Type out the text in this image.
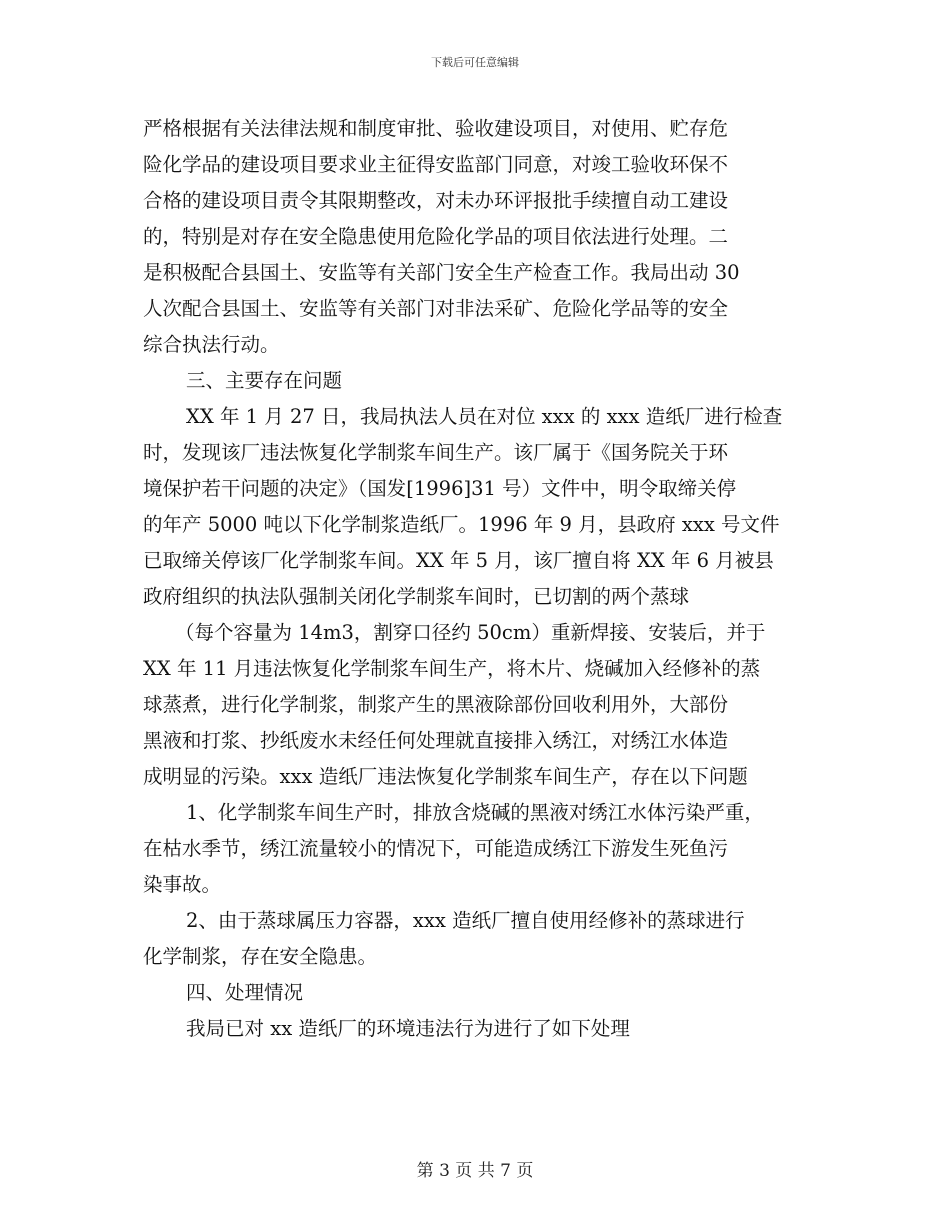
下载后可任意编辑
严格根据有关法律法规和制度审批、验收建设项目，对使用、贮存危
险化学品的建设项目要求业主征得安监部门同意，对竣工验收环保不
合格的建设项目责令其限期整改，对未办环评报批手续擅自动工建设
的，特别是对存在安全隐患使用危险化学品的项目依法进行处理。二
是积极配合县国土、安监等有关部门安全生产检查工作。我局出动 30
人次配合县国土、安监等有关部门对非法采矿、危险化学品等的安全
综合执法行动。
三、主要存在问题
XX 年 1 月 27 日，我局执法人员在对位 xxx 的 xxx 造纸厂进行检查
时，发现该厂违法恢复化学制浆车间生产。该厂属于《国务院关于环
境保护若干问题的决定》（国发[1996]31 号）文件中，明令取缔关停
的年产 5000 吨以下化学制浆造纸厂。1996 年 9 月，县政府 xxx 号文件
已取缔关停该厂化学制浆车间。XX 年 5 月，该厂擅自将 XX 年 6 月被县
政府组织的执法队强制关闭化学制浆车间时，已切割的两个蒸球
（每个容量为 14m3，割穿口径约 50cm）重新焊接、安装后，并于
XX 年 11 月违法恢复化学制浆车间生产，将木片、烧碱加入经修补的蒸
球蒸煮，进行化学制浆，制浆产生的黑液除部份回收利用外，大部份
黑液和打浆、抄纸废水未经任何处理就直接排入绣江，对绣江水体造
成明显的污染。xxx 造纸厂违法恢复化学制浆车间生产，存在以下问题
1、化学制浆车间生产时，排放含烧碱的黑液对绣江水体污染严重，
在枯水季节，绣江流量较小的情况下，可能造成绣江下游发生死鱼污
染事故。
2、由于蒸球属压力容器，xxx 造纸厂擅自使用经修补的蒸球进行
化学制浆，存在安全隐患。
四、处理情况
我局已对 xx 造纸厂的环境违法行为进行了如下处理
第 3 页 共 7 页
